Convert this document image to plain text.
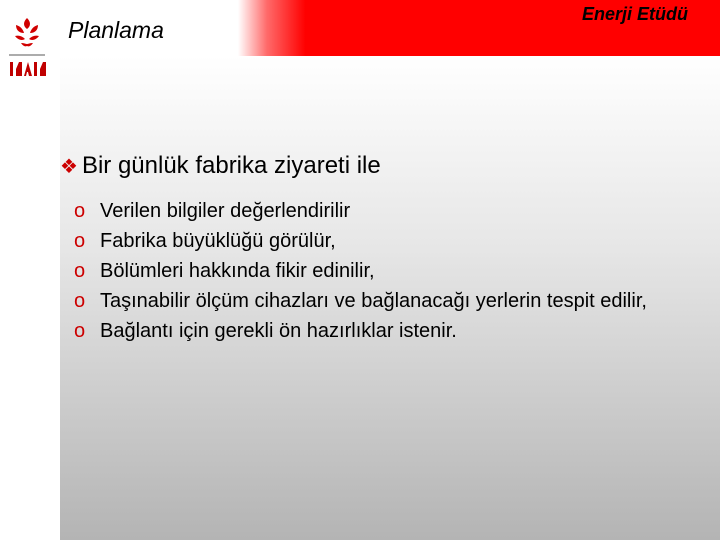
Planlama
Enerji Etüdü
❖ Bir günlük fabrika ziyareti ile
o Verilen bilgiler değerlendirilir
o Fabrika büyüklüğü görülür,
o Bölümleri hakkında fikir edinilir,
o Taşınabilir ölçüm cihazları ve bağlanacağı yerlerin tespit edilir,
o Bağlantı için gerekli ön hazırlıklar istenir.
